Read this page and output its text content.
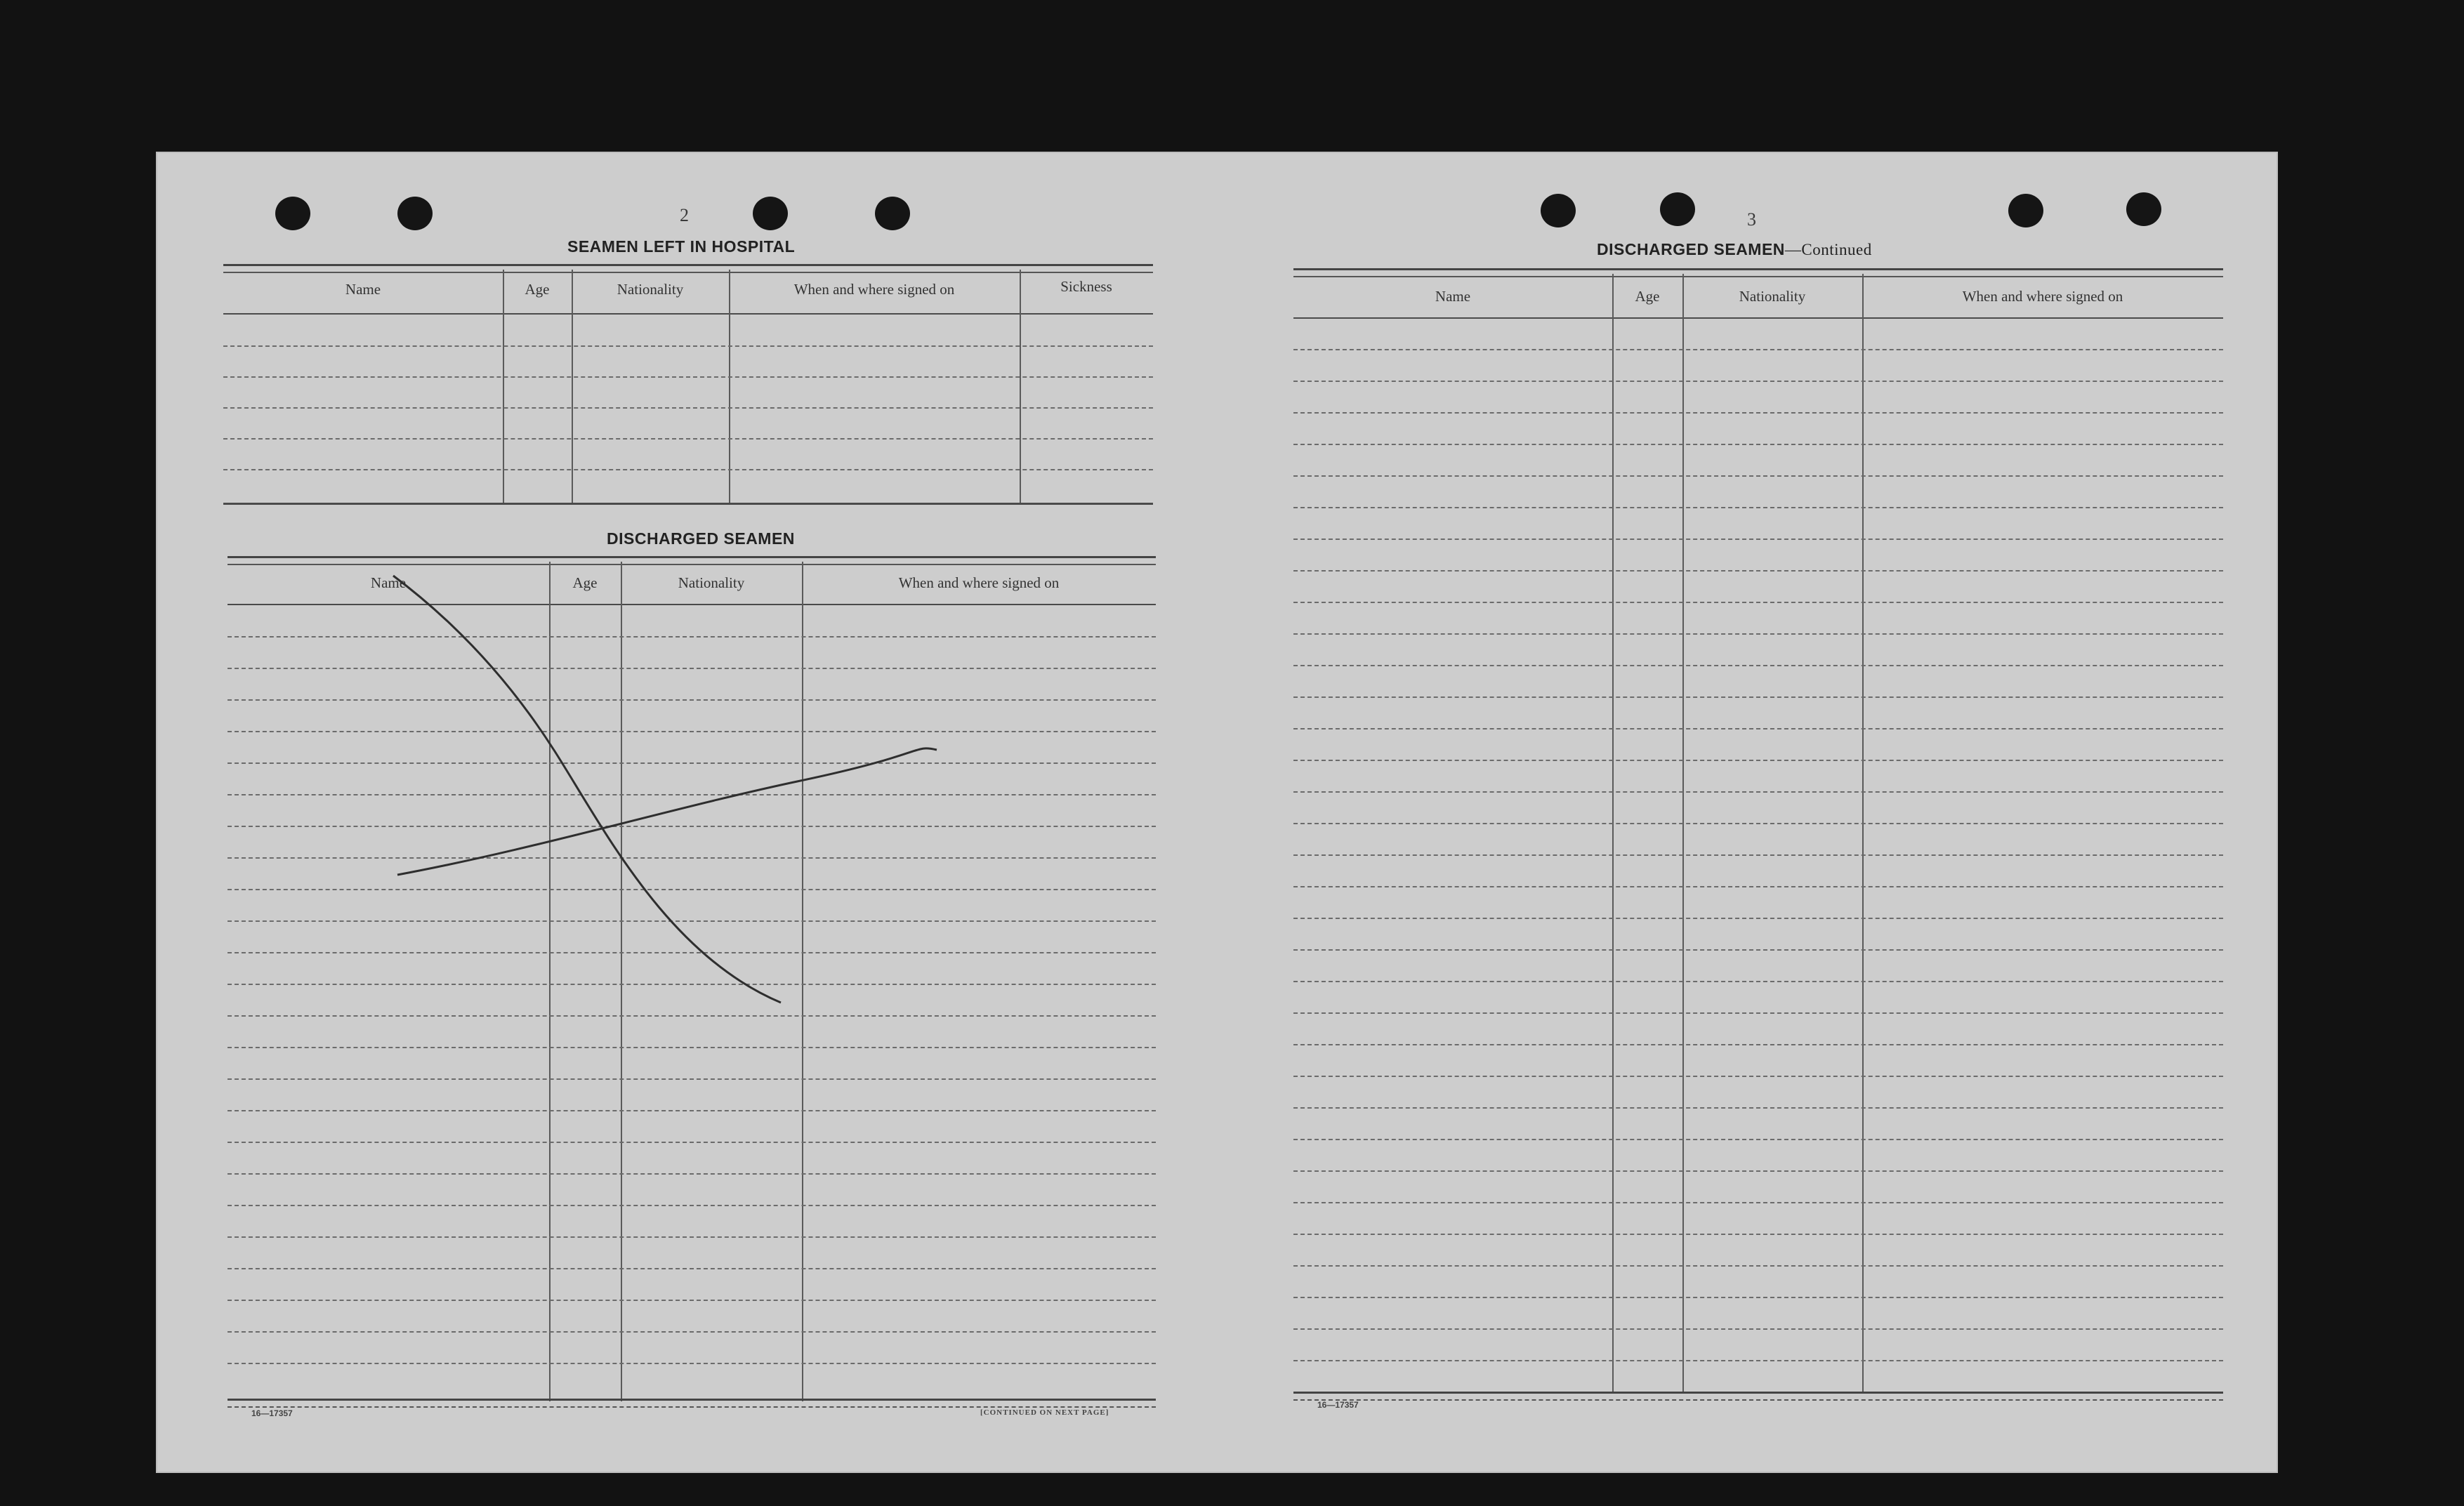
2
SEAMEN LEFT IN HOSPITAL
Name	Age	Nationality	When and where signed on	Sickness
DISCHARGED SEAMEN
Name	Age	Nationality	When and where signed on
16—17357	[CONTINUED ON NEXT PAGE]
3
DISCHARGED SEAMEN—Continued
Name	Age	Nationality	When and where signed on
16—17357
